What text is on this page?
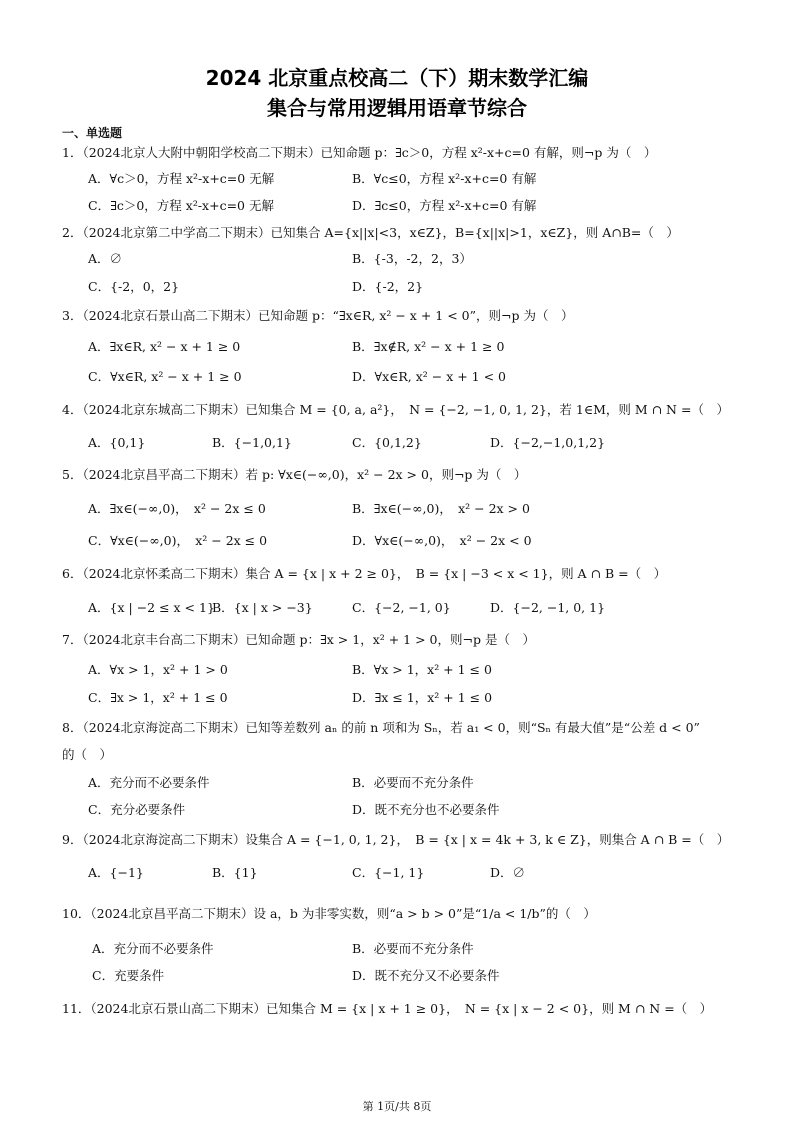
2024 北京重点校高二（下）期末数学汇编
集合与常用逻辑用语章节综合
一、单选题
1．（2024北京人大附中朝阳学校高二下期末）已知命题 p：∃c＞0，方程 x²-x+c=0 有解，则¬p 为（　）
A．∀c＞0，方程 x²-x+c=0 无解	B．∀c≤0，方程 x²-x+c=0 有解
C．∃c＞0，方程 x²-x+c=0 无解	D．∃c≤0，方程 x²-x+c=0 有解
2．（2024北京第二中学高二下期末）已知集合 A={x||x|<3，x∈Z}，B={x||x|>1，x∈Z}，则 A∩B=（　）
A．∅	B．{-3，-2，2，3）
C．{-2，0，2}	D．{-2，2}
3．（2024北京石景山高二下期末）已知命题 p：“∃x∈R, x² − x + 1 < 0”，则¬p 为（　）
A．∃x∈R, x² − x + 1 ≥ 0	B．∃x∉R, x² − x + 1 ≥ 0
C．∀x∈R, x² − x + 1 ≥ 0	D．∀x∈R, x² − x + 1 < 0
4．（2024北京东城高二下期末）已知集合 M = {0, a, a²}，　N = {−2, −1, 0, 1, 2}，若 1∈M，则 M ∩ N =（　）
A．{0,1}	B．{−1,0,1}	C．{0,1,2}	D．{−2,−1,0,1,2}
5．（2024北京昌平高二下期末）若 p: ∀x∈(−∞,0)，x² − 2x > 0，则¬p 为（　）
A．∃x∈(−∞,0)，　x² − 2x ≤ 0	B．∃x∈(−∞,0)，　x² − 2x > 0
C．∀x∈(−∞,0)，　x² − 2x ≤ 0	D．∀x∈(−∞,0)，　x² − 2x < 0
6．（2024北京怀柔高二下期末）集合 A = {x | x + 2 ≥ 0}，　B = {x | −3 < x < 1}，则 A ∩ B =（　）
A．{x | −2 ≤ x < 1}
B．{x | x > −3}	C．{−2, −1, 0}	D．{−2, −1, 0, 1}
7．（2024北京丰台高二下期末）已知命题 p：∃x > 1，x² + 1 > 0，则¬p 是（　）
A．∀x > 1，x² + 1 > 0	B．∀x > 1，x² + 1 ≤ 0
C．∃x > 1，x² + 1 ≤ 0	D．∃x ≤ 1，x² + 1 ≤ 0
8．（2024北京海淀高二下期末）已知等差数列 aₙ 的前 n 项和为 Sₙ，若 a₁ < 0，则“Sₙ 有最大值”是“公差 d < 0”
的（　）
A．充分而不必要条件	B．必要而不充分条件
C．充分必要条件	D．既不充分也不必要条件
9．（2024北京海淀高二下期末）设集合 A = {−1, 0, 1, 2}，　B = {x | x = 4k + 3, k ∈ Z}，则集合 A ∩ B =（　）
A．{−1}	B．{1}	C．{−1, 1}	D．∅
10．（2024北京昌平高二下期末）设 a，b 为非零实数，则“a > b > 0”是“1/a < 1/b”的（　）
A．充分而不必要条件	B．必要而不充分条件
C．充要条件	D．既不充分又不必要条件
11．（2024北京石景山高二下期末）已知集合 M = {x | x + 1 ≥ 0}，　N = {x | x − 2 < 0}，则 M ∩ N =（　）
第 1页/共 8页
